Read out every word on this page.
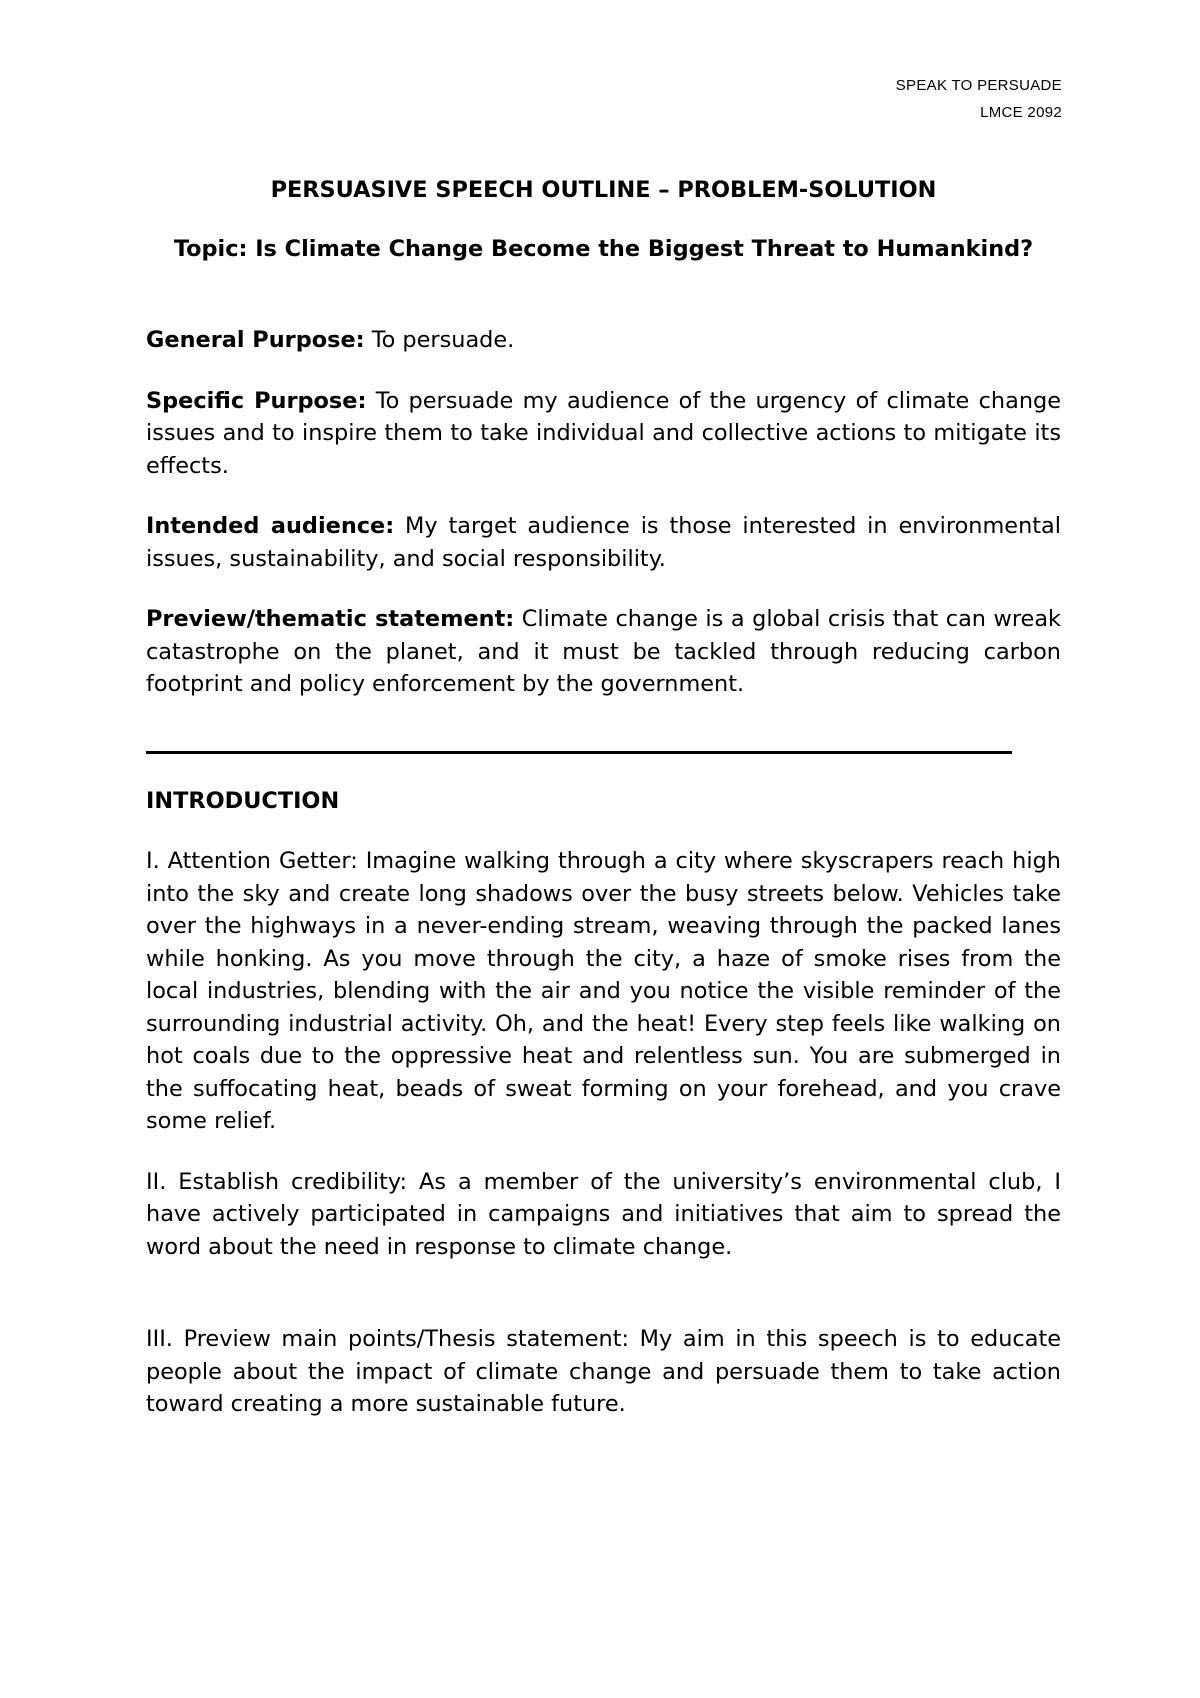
SPEAK TO PERSUADE
LMCE 2092

PERSUASIVE SPEECH OUTLINE – PROBLEM-SOLUTION

Topic: Is Climate Change Become the Biggest Threat to Humankind?

General Purpose: To persuade.

Specific Purpose: To persuade my audience of the urgency of climate change issues and to inspire them to take individual and collective actions to mitigate its effects.

Intended audience: My target audience is those interested in environmental issues, sustainability, and social responsibility.

Preview/thematic statement: Climate change is a global crisis that can wreak catastrophe on the planet, and it must be tackled through reducing carbon footprint and policy enforcement by the government.

INTRODUCTION

I. Attention Getter: Imagine walking through a city where skyscrapers reach high into the sky and create long shadows over the busy streets below. Vehicles take over the highways in a never-ending stream, weaving through the packed lanes while honking. As you move through the city, a haze of smoke rises from the local industries, blending with the air and you notice the visible reminder of the surrounding industrial activity. Oh, and the heat! Every step feels like walking on hot coals due to the oppressive heat and relentless sun. You are submerged in the suffocating heat, beads of sweat forming on your forehead, and you crave some relief.

II. Establish credibility: As a member of the university’s environmental club, I have actively participated in campaigns and initiatives that aim to spread the word about the need in response to climate change.

III. Preview main points/Thesis statement: My aim in this speech is to educate people about the impact of climate change and persuade them to take action toward creating a more sustainable future.
